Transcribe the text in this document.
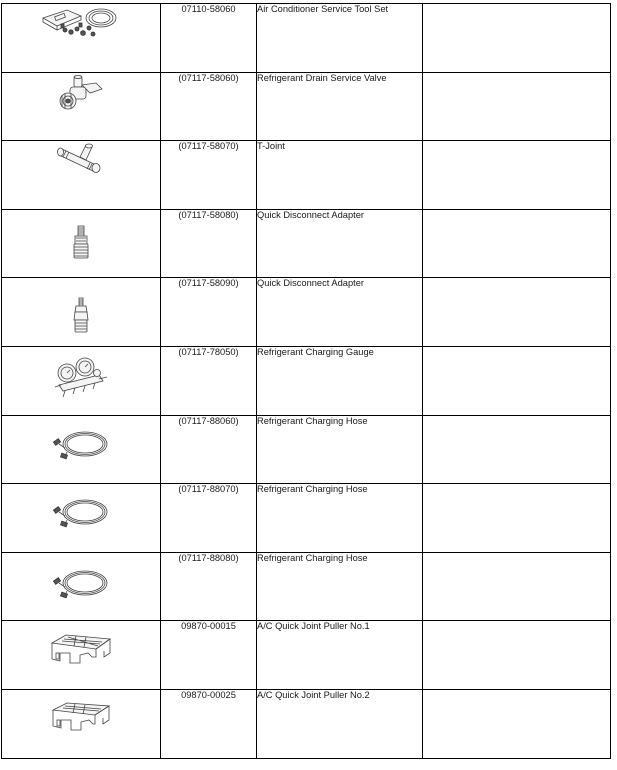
	07110-58060	Air Conditioner Service Tool Set	

	(07117-58060)	Refrigerant Drain Service Valve	

	(07117-58070)	T-Joint	

	(07117-58080)	Quick Disconnect Adapter	

	(07117-58090)	Quick Disconnect Adapter	

	(07117-78050)	Refrigerant Charging Gauge	

	(07117-88060)	Refrigerant Charging Hose	

	(07117-88070)	Refrigerant Charging Hose	

	(07117-88080)	Refrigerant Charging Hose	

	09870-00015	A/C Quick Joint Puller No.1	

	09870-00025	A/C Quick Joint Puller No.2	
